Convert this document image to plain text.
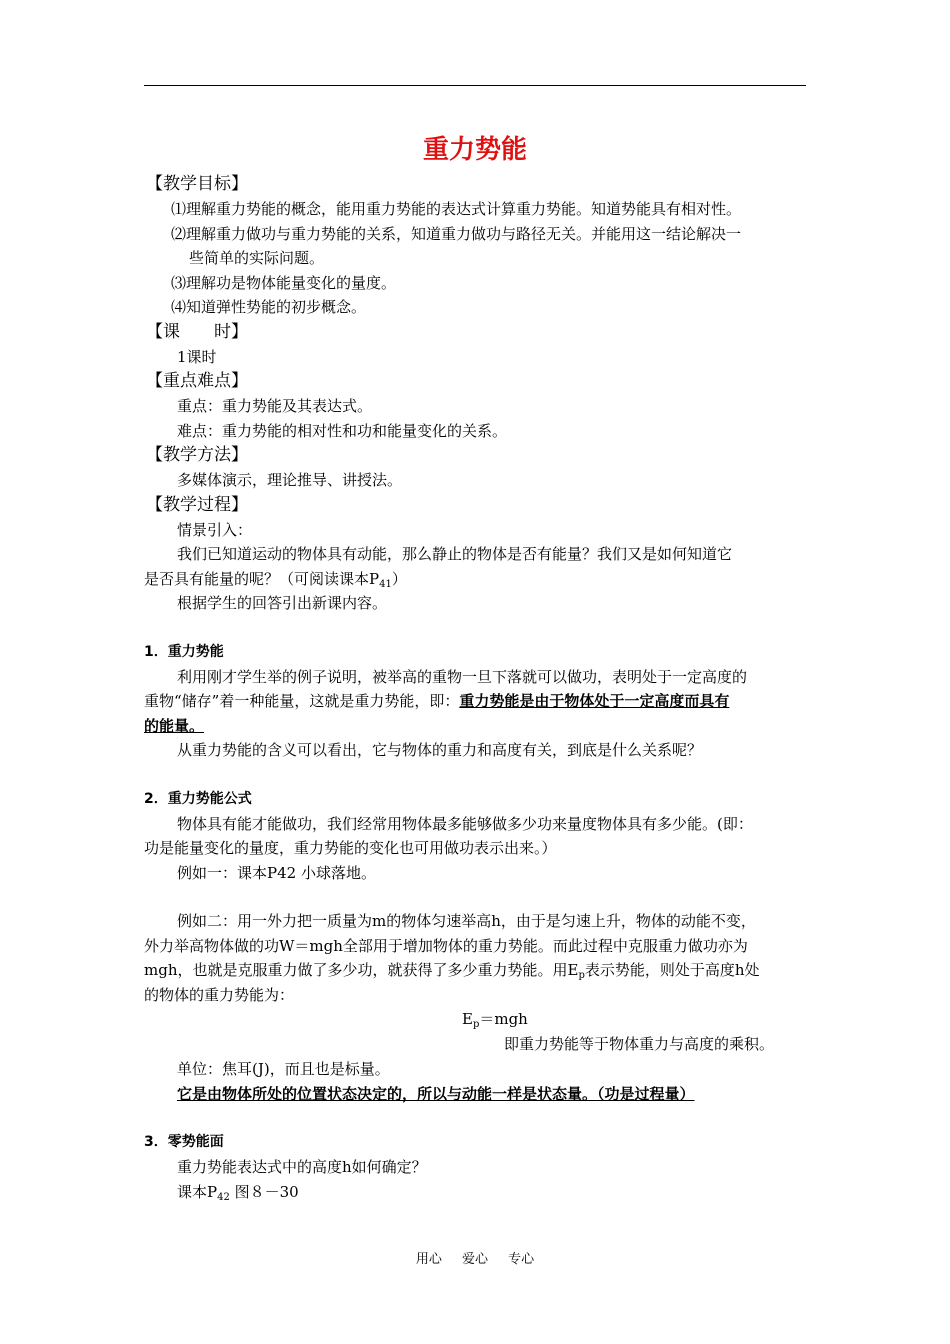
重力势能
【教学目标】
⑴理解重力势能的概念，能用重力势能的表达式计算重力势能。知道势能具有相对性。
⑵理解重力做功与重力势能的关系，知道重力做功与路径无关。并能用这一结论解决一
些简单的实际问题。
⑶理解功是物体能量变化的量度。
⑷知道弹性势能的初步概念。
【课　　时】
1课时
【重点难点】
重点：重力势能及其表达式。
难点：重力势能的相对性和功和能量变化的关系。
【教学方法】
多媒体演示，理论推导、讲授法。
【教学过程】
情景引入：
我们已知道运动的物体具有动能，那么静止的物体是否有能量？我们又是如何知道它
是否具有能量的呢？（可阅读课本$P_{41}$）
根据学生的回答引出新课内容。
1．重力势能
利用刚才学生举的例子说明，被举高的重物一旦下落就可以做功，表明处于一定高度的
重物“储存”着一种能量，这就是重力势能，即：重力势能是由于物体处于一定高度而具有
的能量。
从重力势能的含义可以看出，它与物体的重力和高度有关，到底是什么关系呢？
2．重力势能公式
物体具有能才能做功，我们经常用物体最多能够做多少功来量度物体具有多少能。(即：
功是能量变化的量度，重力势能的变化也可用做功表示出来。）
例如一：课本P42 小球落地。
例如二：用一外力把一质量为m的物体匀速举高h，由于是匀速上升，物体的动能不变，
外力举高物体做的功W＝mgh全部用于增加物体的重力势能。而此过程中克服重力做功亦为
mgh，也就是克服重力做了多少功，就获得了多少重力势能。用$E_p$表示势能，则处于高度h处
的物体的重力势能为：
$E_p=mgh$
即重力势能等于物体重力与高度的乘积。
单位：焦耳(J)，而且也是标量。
它是由物体所处的位置状态决定的，所以与动能一样是状态量。（功是过程量）
3．零势能面
重力势能表达式中的高度h如何确定？
课本$P_{42}$ 图８－30
用心 爱心 专心
